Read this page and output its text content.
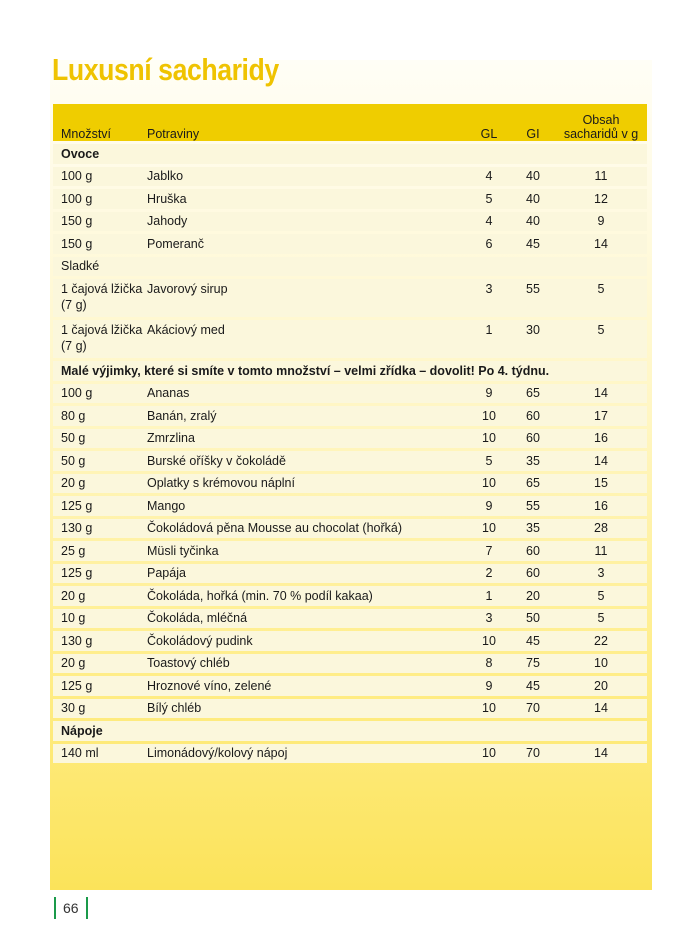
Luxusní sacharidy
Množství	Potraviny	GL	GI	Obsah
sacharidů v g
Ovoce				
100 g	Jablko	4	40	11
100 g	Hruška	5	40	12
150 g	Jahody	4	40	9
150 g	Pomeranč	6	45	14
Sladké				
1 čajová lžička (7 g)	Javorový sirup	3	55	5
1 čajová lžička (7 g)	Akáciový med	1	30	5
Malé výjimky, které si smíte v tomto množství – velmi zřídka – dovolit! Po 4. týdnu.				
100 g	Ananas	9	65	14
80 g	Banán, zralý	10	60	17
50 g	Zmrzlina	10	60	16
50 g	Burské oříšky v čokoládě	5	35	14
20 g	Oplatky s krémovou náplní	10	65	15
125 g	Mango	9	55	16
130 g	Čokoládová pěna Mousse au chocolat (hořká)	10	35	28
25 g	Müsli tyčinka	7	60	11
125 g	Papája	2	60	3
20 g	Čokoláda, hořká (min. 70 % podíl kakaa)	1	20	5
10 g	Čokoláda, mléčná	3	50	5
130 g	Čokoládový pudink	10	45	22
20 g	Toastový chléb	8	75	10
125 g	Hroznové víno, zelené	9	45	20
30 g	Bílý chléb	10	70	14
Nápoje				
140 ml	Limonádový/kolový nápoj	10	70	14
66
